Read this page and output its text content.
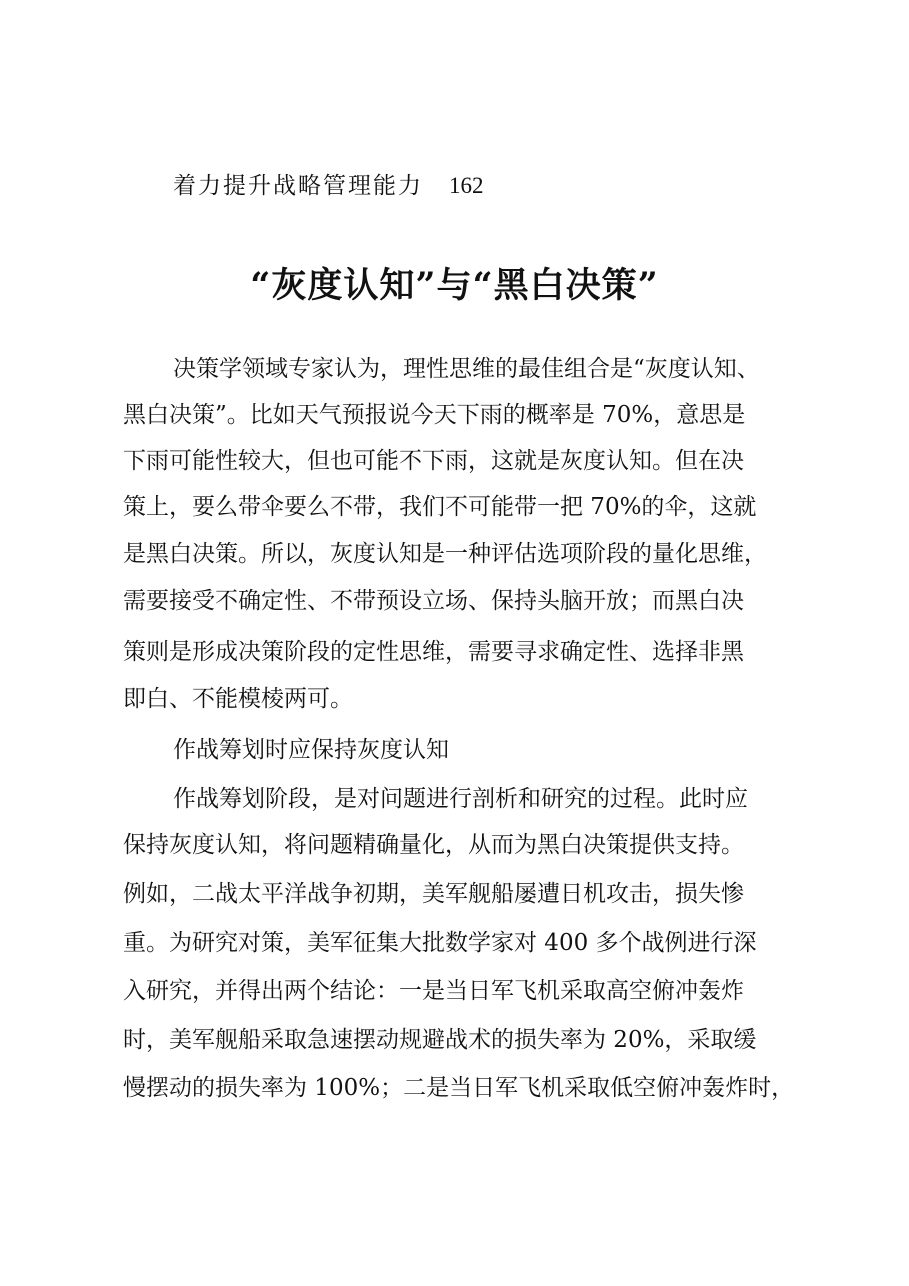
着力提升战略管理能力 162
“灰度认知”与“黑白决策”
决策学领域专家认为，理性思维的最佳组合是“灰度认知、
黑白决策”。比如天气预报说今天下雨的概率是 70%，意思是
下雨可能性较大，但也可能不下雨，这就是灰度认知。但在决
策上，要么带伞要么不带，我们不可能带一把 70%的伞，这就
是黑白决策。所以，灰度认知是一种评估选项阶段的量化思维，
需要接受不确定性、不带预设立场、保持头脑开放；而黑白决
策则是形成决策阶段的定性思维，需要寻求确定性、选择非黑
即白、不能模棱两可。
作战筹划时应保持灰度认知
作战筹划阶段，是对问题进行剖析和研究的过程。此时应
保持灰度认知，将问题精确量化，从而为黑白决策提供支持。
例如，二战太平洋战争初期，美军舰船屡遭日机攻击，损失惨
重。为研究对策，美军征集大批数学家对 400 多个战例进行深
入研究，并得出两个结论：一是当日军飞机采取高空俯冲轰炸
时，美军舰船采取急速摆动规避战术的损失率为 20%，采取缓
慢摆动的损失率为 100%；二是当日军飞机采取低空俯冲轰炸时，
